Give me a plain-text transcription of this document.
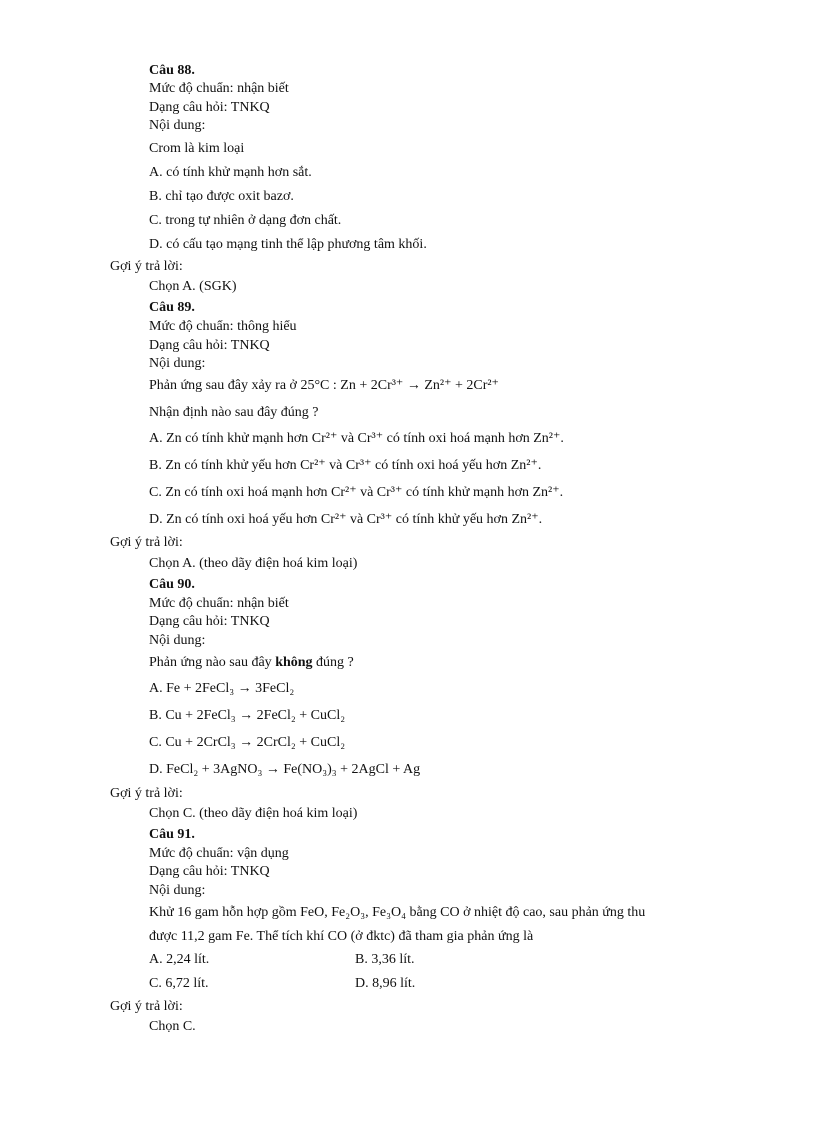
Câu 88.
Mức độ chuẩn: nhận biết
Dạng câu hỏi: TNKQ
Nội dung:
Crom là kim loại
A. có tính khử mạnh hơn sắt.
B. chỉ tạo được oxit bazơ.
C. trong tự nhiên ở dạng đơn chất.
D. có cấu tạo mạng tinh thể lập phương tâm khối.
Gợi ý trả lời:
Chọn A. (SGK)
Câu 89.
Mức độ chuẩn: thông hiểu
Dạng câu hỏi: TNKQ
Nội dung:
Phản ứng sau đây xảy ra ở 25°C : Zn + 2Cr³⁺ → Zn²⁺ + 2Cr²⁺
Nhận định nào sau đây đúng ?
A. Zn có tính khử mạnh hơn Cr²⁺ và Cr³⁺ có tính oxi hoá mạnh hơn Zn²⁺.
B. Zn có tính khử yếu hơn Cr²⁺ và Cr³⁺ có tính oxi hoá yếu hơn Zn²⁺.
C. Zn có tính oxi hoá mạnh hơn Cr²⁺ và Cr³⁺ có tính khử mạnh hơn Zn²⁺.
D. Zn có tính oxi hoá yếu hơn Cr²⁺ và Cr³⁺ có tính khử yếu hơn Zn²⁺.
Gợi ý trả lời:
Chọn A. (theo dãy điện hoá kim loại)
Câu 90.
Mức độ chuẩn: nhận biết
Dạng câu hỏi: TNKQ
Nội dung:
Phản ứng nào sau đây không đúng ?
A. Fe + 2FeCl₃ → 3FeCl₂
B. Cu + 2FeCl₃ → 2FeCl₂ + CuCl₂
C. Cu + 2CrCl₃ → 2CrCl₂ + CuCl₂
D. FeCl₂ + 3AgNO₃ → Fe(NO₃)₃ + 2AgCl + Ag
Gợi ý trả lời:
Chọn C. (theo dãy điện hoá kim loại)
Câu 91.
Mức độ chuẩn: vận dụng
Dạng câu hỏi: TNKQ
Nội dung:
Khử 16 gam hỗn hợp gồm FeO, Fe₂O₃, Fe₃O₄ bằng CO ở nhiệt độ cao, sau phản ứng thu
được 11,2 gam Fe. Thể tích khí CO (ở đktc) đã tham gia phản ứng là
A. 2,24 lít.	B. 3,36 lít.
C. 6,72 lít.	D. 8,96 lít.
Gợi ý trả lời:
Chọn C.
